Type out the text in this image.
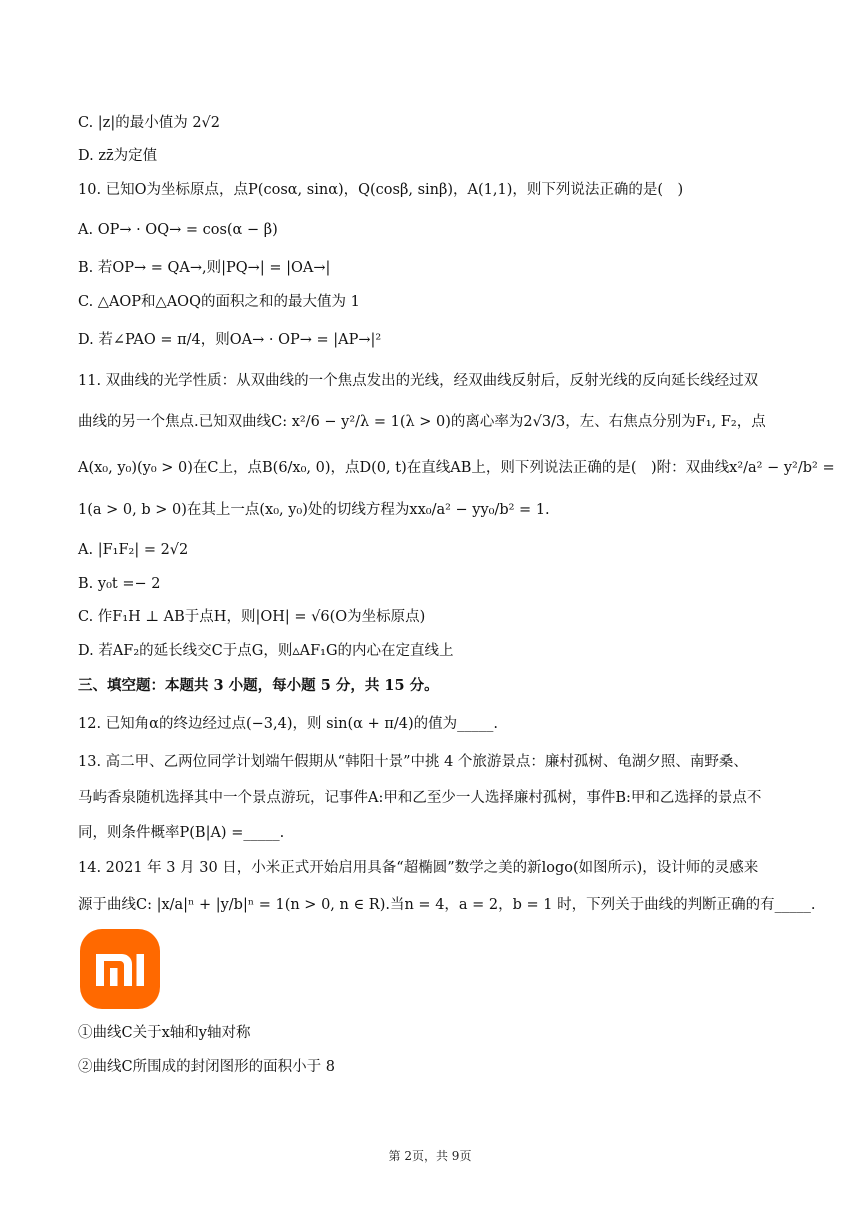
C. |z|的最小值为 2√2
D. zz̄为定值
10. 已知O为坐标原点，点P(cosα, sinα)，Q(cosβ, sinβ)，A(1,1)，则下列说法正确的是(　)
A. OP→ · OQ→ = cos(α − β)
B. 若OP→ = QA→,则|PQ→| = |OA→|
C. △AOP和△AOQ的面积之和的最大值为 1
D. 若∠PAO = π/4，则OA→ · OP→ = |AP→|²
11. 双曲线的光学性质：从双曲线的一个焦点发出的光线，经双曲线反射后，反射光线的反向延长线经过双
曲线的另一个焦点.已知双曲线C: x²/6 − y²/λ = 1(λ > 0)的离心率为2√3/3，左、右焦点分别为F₁, F₂，点
A(x₀, y₀)(y₀ > 0)在C上，点B(6/x₀, 0)，点D(0, t)在直线AB上，则下列说法正确的是(　)附：双曲线x²/a² − y²/b² =
1(a > 0, b > 0)在其上一点(x₀, y₀)处的切线方程为xx₀/a² − yy₀/b² = 1.
A. |F₁F₂| = 2√2
B. y₀t =− 2
C. 作F₁H ⊥ AB于点H，则|OH| = √6(O为坐标原点)
D. 若AF₂的延长线交C于点G，则▵AF₁G的内心在定直线上
三、填空题：本题共 3 小题，每小题 5 分，共 15 分。
12. 已知角α的终边经过点(−3,4)，则 sin(α + π/4)的值为_____.
13. 高二甲、乙两位同学计划端午假期从“韩阳十景”中挑 4 个旅游景点：廉村孤树、龟湖夕照、南野桑、
马屿香泉随机选择其中一个景点游玩，记事件A:甲和乙至少一人选择廉村孤树，事件B:甲和乙选择的景点不
同，则条件概率P(B|A) =_____.
14. 2021 年 3 月 30 日，小米正式开始启用具备“超椭圆”数学之美的新logo(如图所示)，设计师的灵感来
源于曲线C: |x/a|ⁿ + |y/b|ⁿ = 1(n > 0, n ∈ R).当n = 4，a = 2，b = 1 时，下列关于曲线的判断正确的有_____.
①曲线C关于x轴和y轴对称
②曲线C所围成的封闭图形的面积小于 8
第 2页，共 9页
